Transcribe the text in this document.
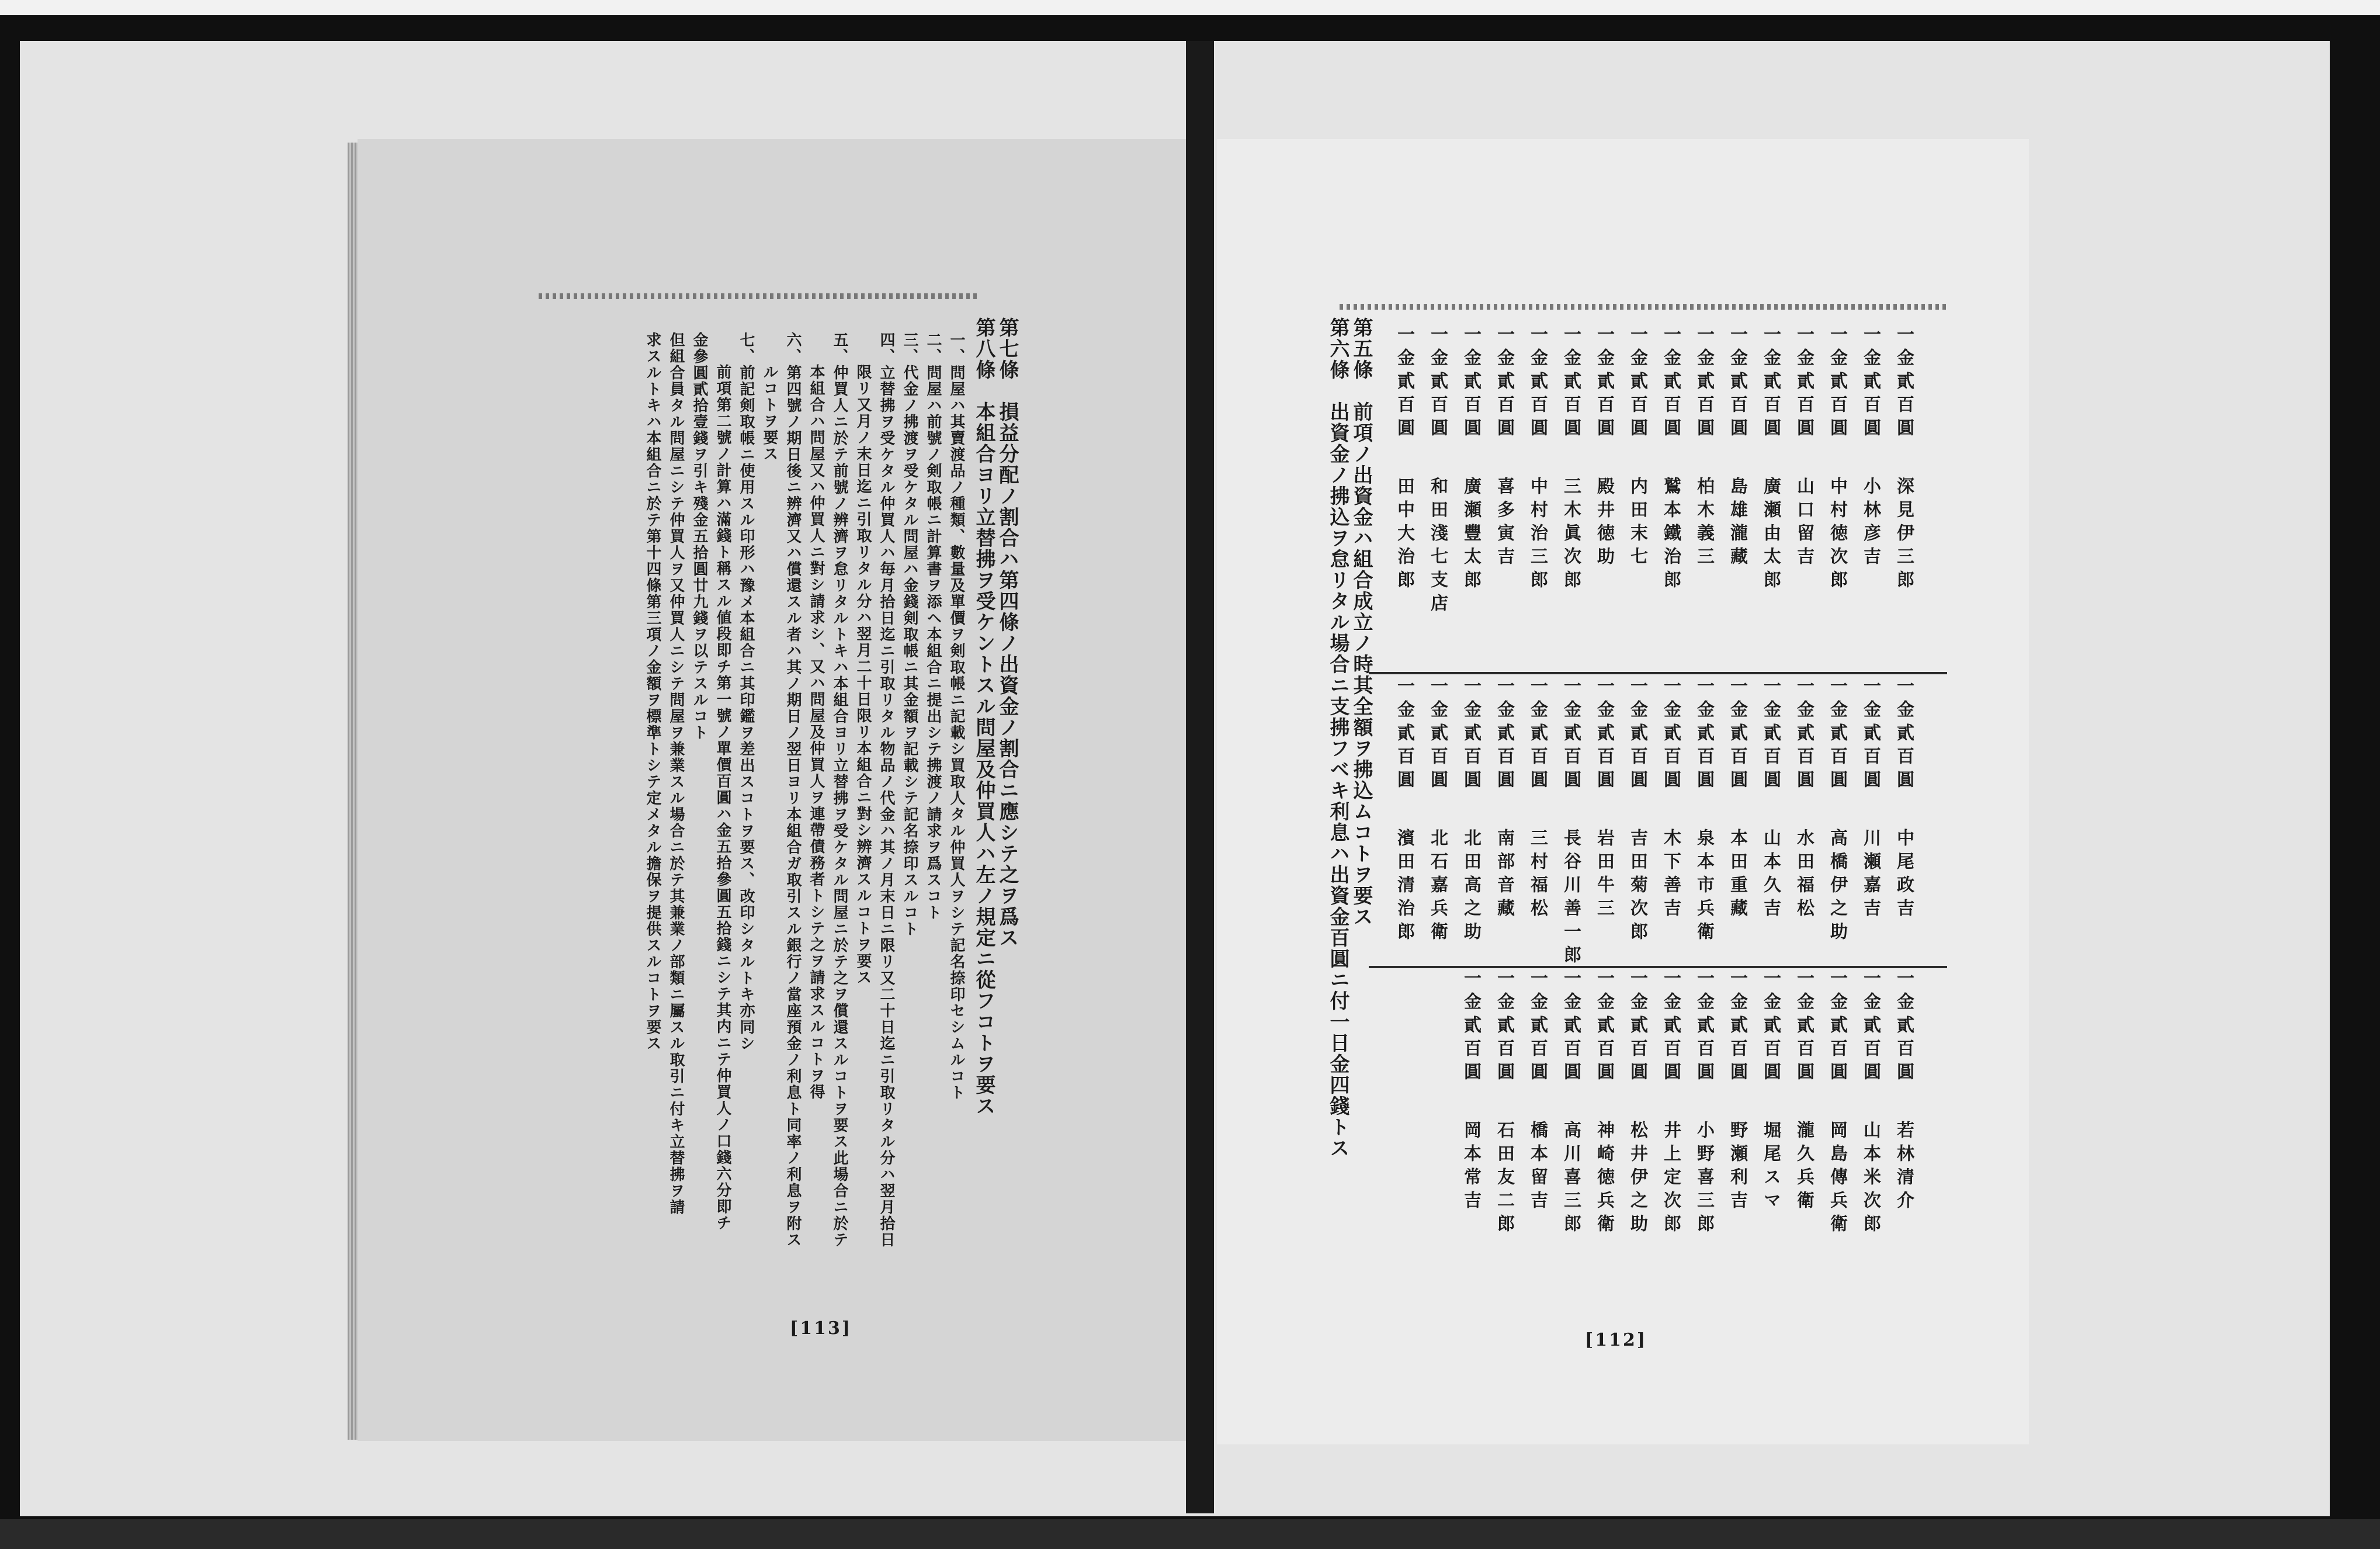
第七條　損益分配ノ割合ハ第四條ノ出資金ノ割合ニ應シテ之ヲ爲ス
第八條　本組合ヨリ立替拂ヲ受ケントスル問屋及仲買人ハ左ノ規定ニ從フコトヲ要ス
一、問屋ハ其賣渡品ノ種類、數量及單價ヲ剣取帳ニ記載シ買取人タル仲買人ヲシテ記名捺印セシムルコト
二、問屋ハ前號ノ剣取帳ニ計算書ヲ添ヘ本組合ニ提出シテ拂渡ノ請求ヲ爲スコト
三、代金ノ拂渡ヲ受ケタル問屋ハ金錢剣取帳ニ其金額ヲ記載シテ記名捺印スルコト
四、立替拂ヲ受ケタル仲買人ハ毎月拾日迄ニ引取リタル物品ノ代金ハ其ノ月末日ニ限リ又二十日迄ニ引取リタル分ハ翌月拾日
限リ又月ノ末日迄ニ引取リタル分ハ翌月二十日限リ本組合ニ對シ辨濟スルコトヲ要ス
五、仲買人ニ於テ前號ノ辨濟ヲ怠リタルトキハ本組合ヨリ立替拂ヲ受ケタル問屋ニ於テ之ヲ償還スルコトヲ要ス此場合ニ於テ
本組合ハ問屋又ハ仲買人ニ對シ請求シ、又ハ問屋及仲買人ヲ連帶債務者トシテ之ヲ請求スルコトヲ得
六、第四號ノ期日後ニ辨濟又ハ償還スル者ハ其ノ期日ノ翌日ヨリ本組合ガ取引スル銀行ノ當座預金ノ利息ト同率ノ利息ヲ附ス
ルコトヲ要ス
七、前記剣取帳ニ使用スル印形ハ豫メ本組合ニ其印鑑ヲ差出スコトヲ要ス、改印シタルトキ亦同シ
前項第二號ノ計算ハ滿錢ト稱スル値段即チ第一號ノ單價百圓ハ金五拾參圓五拾錢ニシテ其内ニテ仲買人ノ口錢六分即チ
金參圓貳拾壹錢ヲ引キ殘金五拾圓廿九錢ヲ以テスルコト
但組合員タル問屋ニシテ仲買人ヲ又仲買人ニシテ問屋ヲ兼業スル場合ニ於テ其兼業ノ部類ニ屬スル取引ニ付キ立替拂ヲ請
求スルトキハ本組合ニ於テ第十四條第三項ノ金額ヲ標準トシテ定メタル擔保ヲ提供スルコトヲ要ス
[113]
一金貳百圓
深見伊三郎
一金貳百圓
中尾政吉
一金貳百圓
若林清介
一金貳百圓
小林彦吉
一金貳百圓
川瀬嘉吉
一金貳百圓
山本米次郎
一金貳百圓
中村徳次郎
一金貳百圓
高橋伊之助
一金貳百圓
岡島傳兵衛
一金貳百圓
山口留吉
一金貳百圓
水田福松
一金貳百圓
瀧久兵衛
一金貳百圓
廣瀬由太郎
一金貳百圓
山本久吉
一金貳百圓
堀尾スマ
一金貳百圓
島雄瀧藏
一金貳百圓
本田重藏
一金貳百圓
野瀬利吉
一金貳百圓
柏木義三
一金貳百圓
泉本市兵衛
一金貳百圓
小野喜三郎
一金貳百圓
鷲本鐵治郎
一金貳百圓
木下善吉
一金貳百圓
井上定次郎
一金貳百圓
内田末七
一金貳百圓
吉田菊次郎
一金貳百圓
松井伊之助
一金貳百圓
殿井徳助
一金貳百圓
岩田牛三
一金貳百圓
神崎徳兵衛
一金貳百圓
三木眞次郎
一金貳百圓
長谷川善一郎
一金貳百圓
高川喜三郎
一金貳百圓
中村治三郎
一金貳百圓
三村福松
一金貳百圓
橋本留吉
一金貳百圓
喜多寅吉
一金貳百圓
南部音藏
一金貳百圓
石田友二郎
一金貳百圓
廣瀬豐太郎
一金貳百圓
北田高之助
一金貳百圓
岡本常吉
一金貳百圓
和田淺七支店
一金貳百圓
北石嘉兵衛
一金貳百圓
田中大治郎
一金貳百圓
濱田清治郎
第五條　前項ノ出資金ハ組合成立ノ時其全額ヲ拂込ムコトヲ要ス
第六條　出資金ノ拂込ヲ怠リタル場合ニ支拂フベキ利息ハ出資金百圓ニ付一日金四錢トス
[112]
